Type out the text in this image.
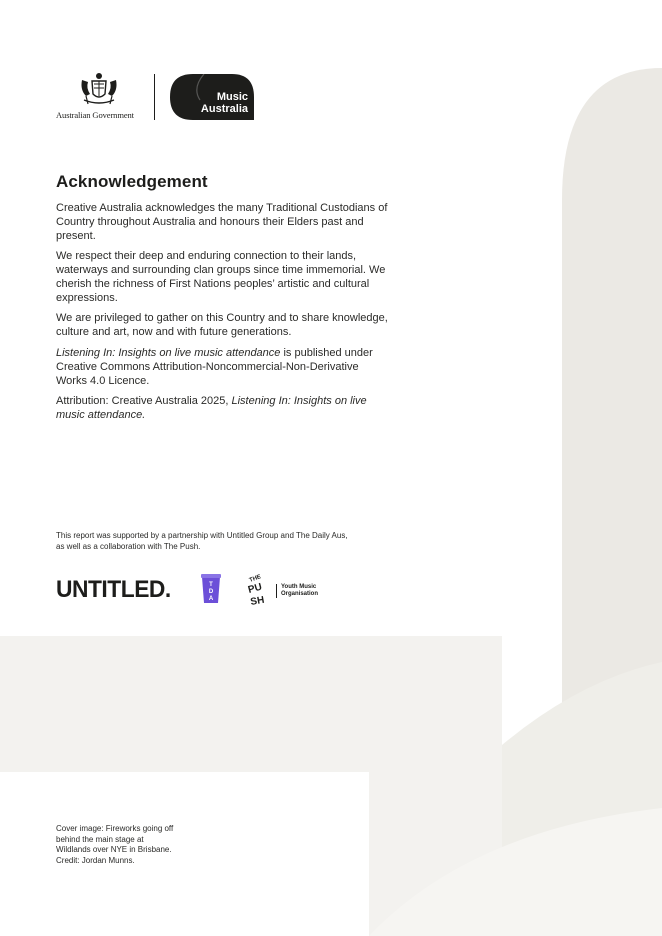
Australian Government
Music
Australia
Acknowledgement

Creative Australia acknowledges the many Traditional Custodians of Country throughout Australia and honours their Elders past and present.

We respect their deep and enduring connection to their lands, waterways and surrounding clan groups since time immemorial. We cherish the richness of First Nations peoples’ artistic and cultural expressions.

We are privileged to gather on this Country and to share knowledge, culture and art, now and with future generations.

Listening In: Insights on live music attendance is published under Creative Commons Attribution-Noncommercial-Non-Derivative Works 4.0 Licence.

Attribution: Creative Australia 2025, Listening In: Insights on live music attendance.

This report was supported by a partnership with Untitled Group and The Daily Aus, as well as a collaboration with The Push.

UNTITLED.	T
D
A
THE
PU
SH
Youth Music
Organisation

Cover image: Fireworks going off
behind the main stage at
Wildlands over NYE in Brisbane.
Credit: Jordan Munns.
